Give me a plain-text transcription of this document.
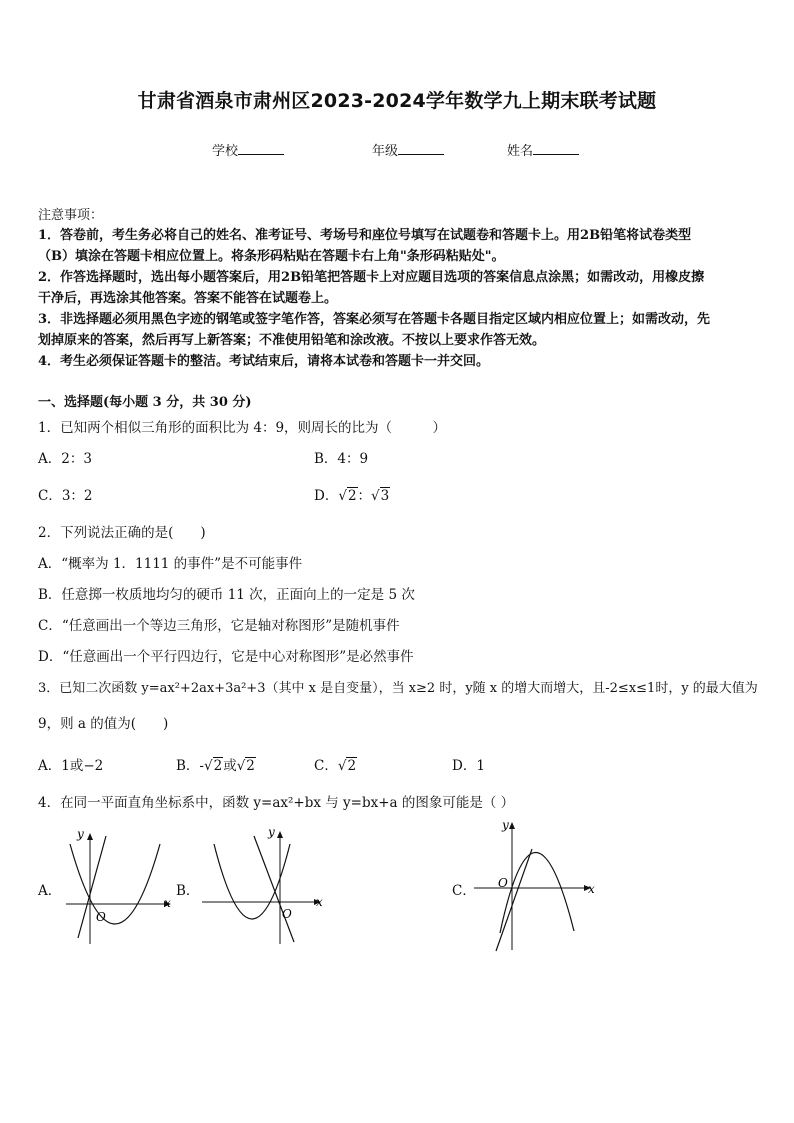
甘肃省酒泉市肃州区2023-2024学年数学九上期末联考试题
学校	年级	姓名
注意事项：
1．答卷前，考生务必将自己的姓名、准考证号、考场号和座位号填写在试题卷和答题卡上。用2B铅笔将试卷类型
（B）填涂在答题卡相应位置上。将条形码粘贴在答题卡右上角"条形码粘贴处"。
2．作答选择题时，选出每小题答案后，用2B铅笔把答题卡上对应题目选项的答案信息点涂黑；如需改动，用橡皮擦
干净后，再选涂其他答案。答案不能答在试题卷上。
3．非选择题必须用黑色字迹的钢笔或签字笔作答，答案必须写在答题卡各题目指定区域内相应位置上；如需改动，先
划掉原来的答案，然后再写上新答案；不准使用铅笔和涂改液。不按以上要求作答无效。
4．考生必须保证答题卡的整洁。考试结束后，请将本试卷和答题卡一并交回。
一、选择题(每小题 3 分，共 30 分)
1．已知两个相似三角形的面积比为 4：9，则周长的比为（　　　）
A．2：3	B．4：9
C．3：2	D．√2：√3
2．下列说法正确的是(　　)
A．“概率为 1．1111 的事件”是不可能事件
B．任意掷一枚质地均匀的硬币 11 次，正面向上的一定是 5 次
C．“任意画出一个等边三角形，它是轴对称图形”是随机事件
D．“任意画出一个平行四边行，它是中心对称图形”是必然事件
3．已知二次函数 y=ax²+2ax+3a²+3（其中 x 是自变量），当 x≥2 时，y随 x 的增大而增大，且-2≤x≤1时，y 的最大值为
9，则 a 的值为(　　)
A．1或−2	B．-√2或√2	C．√2	D．1
4．在同一平面直角坐标系中，函数 y=ax²+bx 与 y=bx+a 的图象可能是（ ）
A．	B．	C．
y
x
O
y
x
O
y
x
O
